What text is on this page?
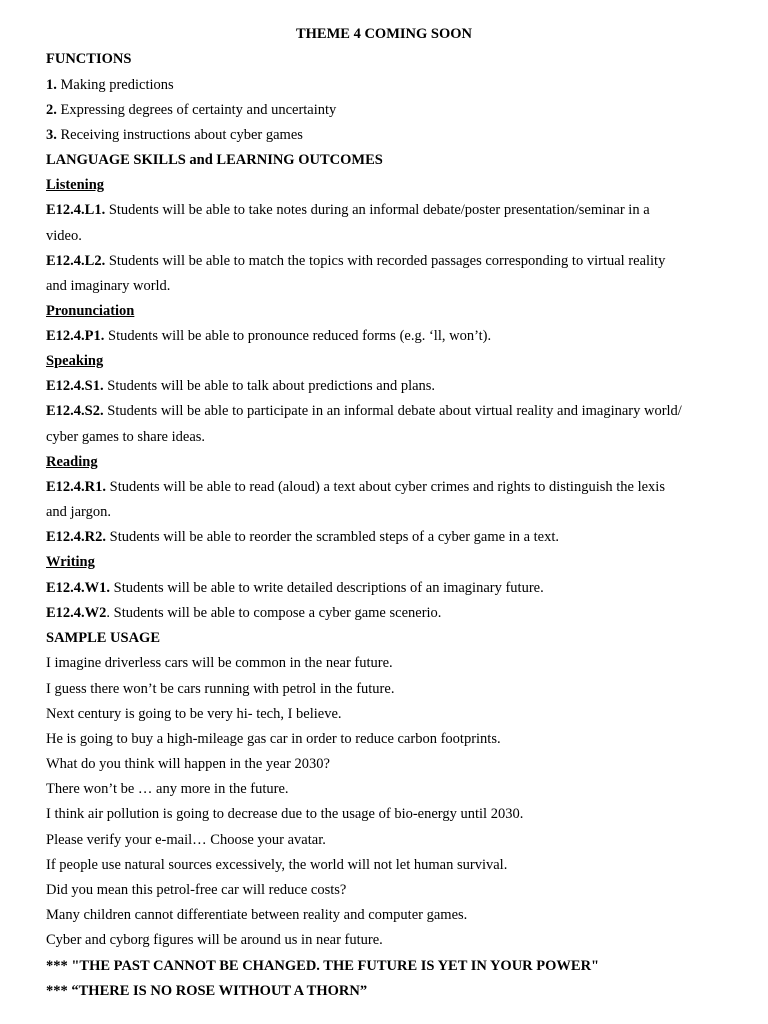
THEME 4 COMING SOON
FUNCTIONS
1. Making predictions
2. Expressing degrees of certainty and uncertainty
3. Receiving instructions about cyber games
LANGUAGE SKILLS and LEARNING OUTCOMES
Listening
E12.4.L1. Students will be able to take notes during an informal debate/poster presentation/seminar in a
video.
E12.4.L2. Students will be able to match the topics with recorded passages corresponding to virtual reality
and imaginary world.
Pronunciation
E12.4.P1. Students will be able to pronounce reduced forms (e.g. ‘ll, won’t).
Speaking
E12.4.S1. Students will be able to talk about predictions and plans.
E12.4.S2. Students will be able to participate in an informal debate about virtual reality and imaginary world/
cyber games to share ideas.
Reading
E12.4.R1. Students will be able to read (aloud) a text about cyber crimes and rights to distinguish the lexis
and jargon.
E12.4.R2. Students will be able to reorder the scrambled steps of a cyber game in a text.
Writing
E12.4.W1. Students will be able to write detailed descriptions of an imaginary future.
E12.4.W2. Students will be able to compose a cyber game scenerio.
SAMPLE USAGE
I imagine driverless cars will be common in the near future.
I guess there won’t be cars running with petrol in the future.
Next century is going to be very hi- tech, I believe.
He is going to buy a high-mileage gas car in order to reduce carbon footprints.
What do you think will happen in the year 2030?
There won’t be … any more in the future.
I think air pollution is going to decrease due to the usage of bio-energy until 2030.
Please verify your e-mail… Choose your avatar.
If people use natural sources excessively, the world will not let human survival.
Did you mean this petrol-free car will reduce costs?
Many children cannot differentiate between reality and computer games.
Cyber and cyborg figures will be around us in near future.
*** "THE PAST CANNOT BE CHANGED. THE FUTURE IS YET IN YOUR POWER"
*** “THERE IS NO ROSE WITHOUT A THORN”
